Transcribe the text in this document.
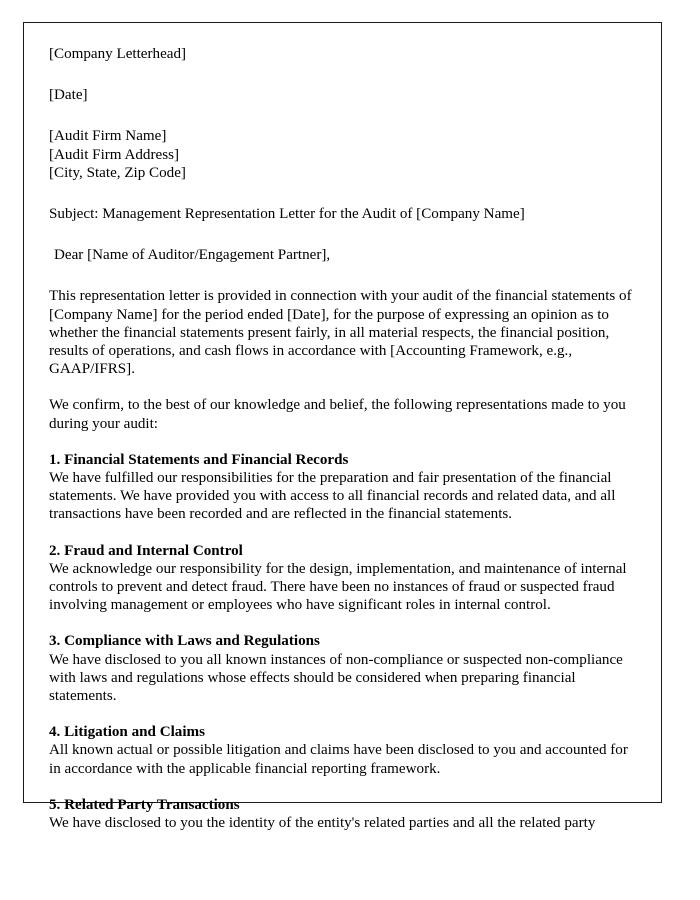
[Company Letterhead]
[Date]
[Audit Firm Name]
[Audit Firm Address]
[City, State, Zip Code]
Subject: Management Representation Letter for the Audit of [Company Name]
Dear [Name of Auditor/Engagement Partner],
This representation letter is provided in connection with your audit of the financial statements of [Company Name] for the period ended [Date], for the purpose of expressing an opinion as to whether the financial statements present fairly, in all material respects, the financial position, results of operations, and cash flows in accordance with [Accounting Framework, e.g., GAAP/IFRS].
We confirm, to the best of our knowledge and belief, the following representations made to you during your audit:
1. Financial Statements and Financial Records
We have fulfilled our responsibilities for the preparation and fair presentation of the financial statements. We have provided you with access to all financial records and related data, and all transactions have been recorded and are reflected in the financial statements.
2. Fraud and Internal Control
We acknowledge our responsibility for the design, implementation, and maintenance of internal controls to prevent and detect fraud. There have been no instances of fraud or suspected fraud involving management or employees who have significant roles in internal control.
3. Compliance with Laws and Regulations
We have disclosed to you all known instances of non-compliance or suspected non-compliance with laws and regulations whose effects should be considered when preparing financial statements.
4. Litigation and Claims
All known actual or possible litigation and claims have been disclosed to you and accounted for in accordance with the applicable financial reporting framework.
5. Related Party Transactions
We have disclosed to you the identity of the entity's related parties and all the related party
